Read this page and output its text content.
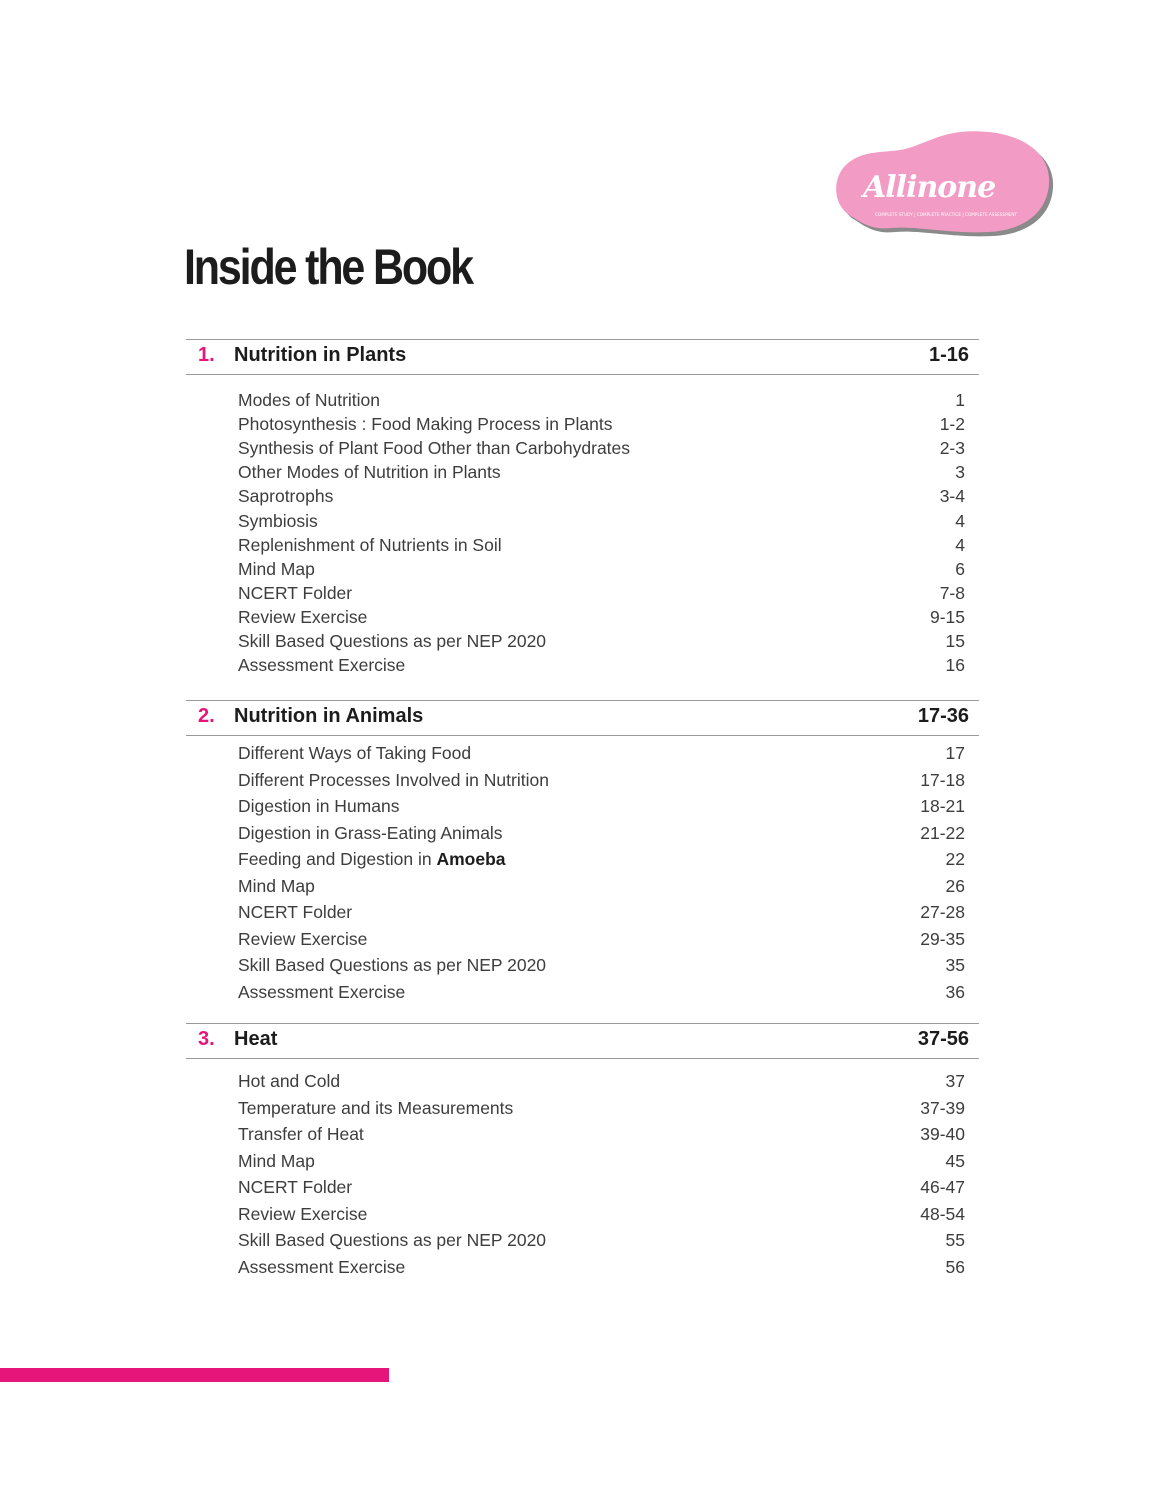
Allinone
COMPLETE STUDY | COMPLETE PRACTICE | COMPLETE ASSESSMENT
Inside the Book
1. Nutrition in Plants	1-16
Modes of Nutrition	1
Photosynthesis : Food Making Process in Plants	1-2
Synthesis of Plant Food Other than Carbohydrates	2-3
Other Modes of Nutrition in Plants	3
Saprotrophs	3-4
Symbiosis	4
Replenishment of Nutrients in Soil	4
Mind Map	6
NCERT Folder	7-8
Review Exercise	9-15
Skill Based Questions as per NEP 2020	15
Assessment Exercise	16
2. Nutrition in Animals	17-36
Different Ways of Taking Food	17
Different Processes Involved in Nutrition	17-18
Digestion in Humans	18-21
Digestion in Grass-Eating Animals	21-22
Feeding and Digestion in Amoeba	22
Mind Map	26
NCERT Folder	27-28
Review Exercise	29-35
Skill Based Questions as per NEP 2020	35
Assessment Exercise	36
3. Heat	37-56
Hot and Cold	37
Temperature and its Measurements	37-39
Transfer of Heat	39-40
Mind Map	45
NCERT Folder	46-47
Review Exercise	48-54
Skill Based Questions as per NEP 2020	55
Assessment Exercise	56
